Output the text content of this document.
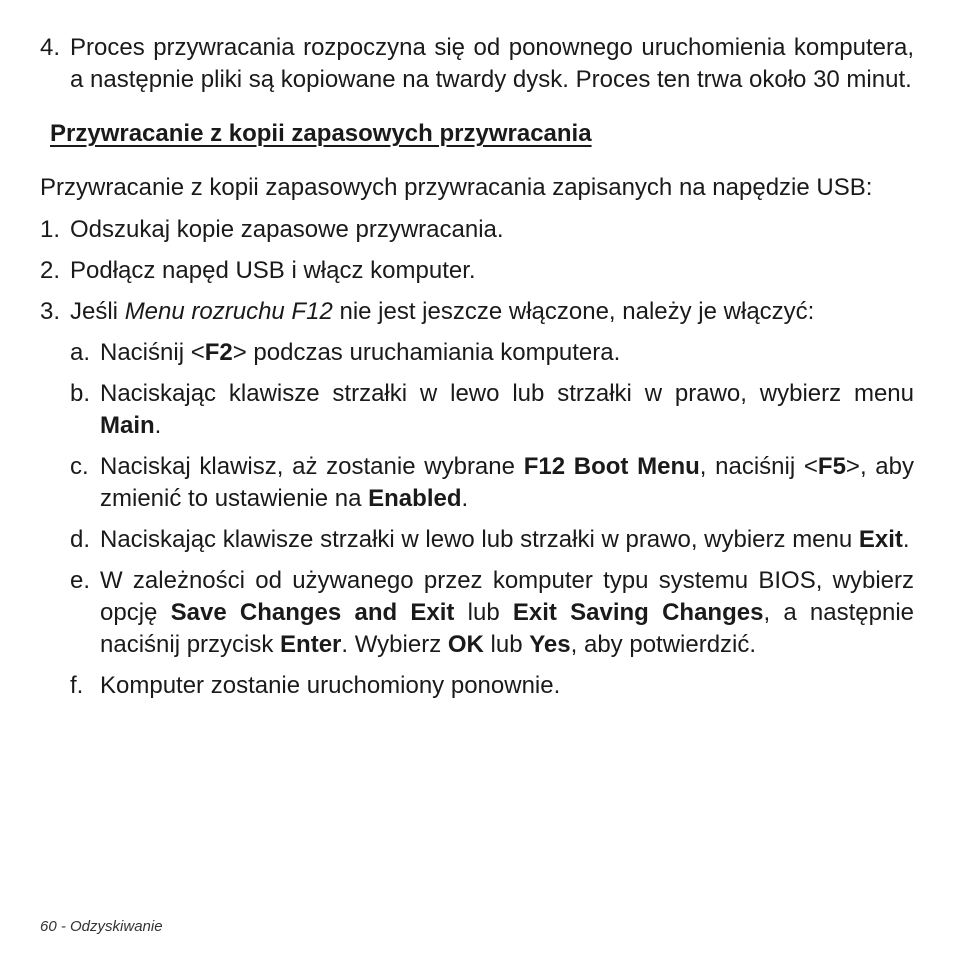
4. Proces przywracania rozpoczyna się od ponownego uruchomienia komputera, a następnie pliki są kopiowane na twardy dysk. Proces ten trwa około 30 minut.
Przywracanie z kopii zapasowych przywracania
Przywracanie z kopii zapasowych przywracania zapisanych na napędzie USB:
1. Odszukaj kopie zapasowe przywracania.
2. Podłącz napęd USB i włącz komputer.
3. Jeśli Menu rozruchu F12 nie jest jeszcze włączone, należy je włączyć:
a. Naciśnij <F2> podczas uruchamiania komputera.
b. Naciskając klawisze strzałki w lewo lub strzałki w prawo, wybierz menu Main.
c. Naciskaj klawisz, aż zostanie wybrane F12 Boot Menu, naciśnij <F5>, aby zmienić to ustawienie na Enabled.
d. Naciskając klawisze strzałki w lewo lub strzałki w prawo, wybierz menu Exit.
e. W zależności od używanego przez komputer typu systemu BIOS, wybierz opcję Save Changes and Exit lub Exit Saving Changes, a następnie naciśnij przycisk Enter. Wybierz OK lub Yes, aby potwierdzić.
f. Komputer zostanie uruchomiony ponownie.
60 - Odzyskiwanie
